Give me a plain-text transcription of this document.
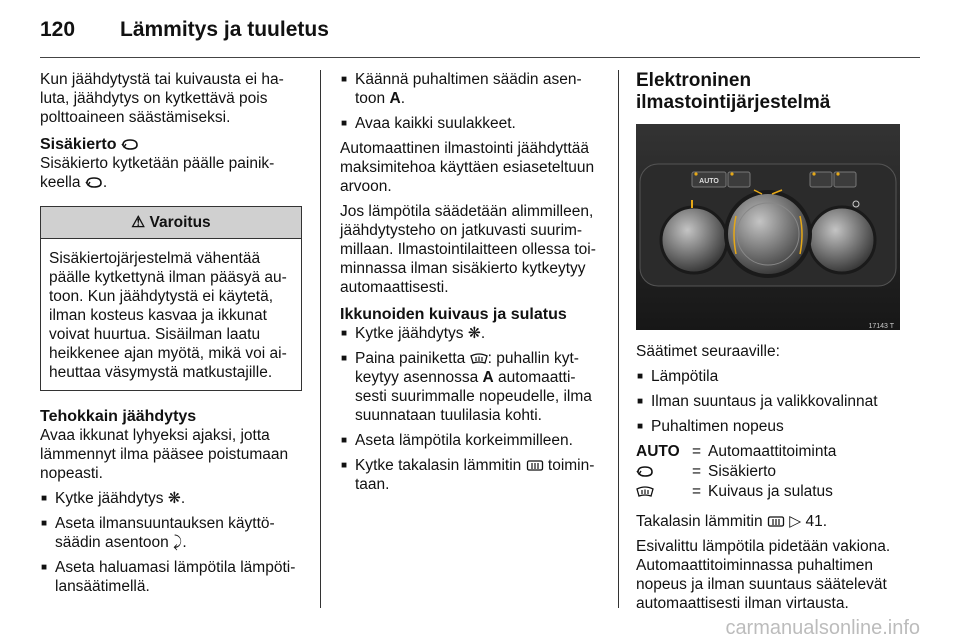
120 Lämmitys ja tuuletus

Kun jäähdytystä tai kuivausta ei ha-luta, jäähdytys on kytkettävä pois polttoaineen säästämiseksi.

Sisäkierto

Sisäkierto kytketään päälle painik-keella .

⚠ Varoitus
Sisäkiertojärjestelmä vähentää päälle kytkettynä ilman pääsyä au-toon. Kun jäähdytystä ei käytetä, ilman kosteus kasvaa ja ikkunat voivat huurtua. Sisäilman laatu heikkenee ajan myötä, mikä voi ai-heuttaa väsymystä matkustajille.
Tehokkain jäähdytys

Avaa ikkunat lyhyeksi ajaksi, jotta lämmennyt ilma pääsee poistumaan nopeasti.

■ Kytke jäähdytys ❋.
■ Aseta ilmansuuntauksen käyttö-säädin asentoon ⤸.
■ Aseta haluamasi lämpötila lämpöti-lansäätimellä.
■ Käännä puhaltimen säädin asen-toon A.
■ Avaa kaikki suulakkeet.

Automaattinen ilmastointi jäähdyttää maksimitehoa käyttäen esiaseteltuun arvoon.

Jos lämpötila säädetään alimmilleen, jäähdytysteho on jatkuvasti suurim-millaan. Ilmastointilaitteen ollessa toi-minnassa ilman sisäkierto kytkeytyy automaattisesti.

Ikkunoiden kuivaus ja sulatus
■ Kytke jäähdytys ❋.
■ Paina painiketta : puhallin kyt-keytyy asennossa A automaatti-sesti suurimmalle nopeudelle, ilma suunnataan tuulilasia kohti.
■ Aseta lämpötila korkeimmilleen.
■ Kytke takalasin lämmitin toimin-taan.
Elektroninen
ilmastointijärjestelmä
AUTO
17143 T

Säätimet seuraaville:

■ Lämpötila
■ Ilman suuntaus ja valikkovalinnat
■ Puhaltimen nopeus
AUTO	=	Automaattitoiminta

	=	Sisäkierto

	=	Kuivaus ja sulatus

Takalasin lämmitin ▷ 41.

Esivalittu lämpötila pidetään vakiona. Automaattitoiminnassa puhaltimen nopeus ja ilman suuntaus säätelevät automaattisesti ilman virtausta.

carmanualsonline.info
